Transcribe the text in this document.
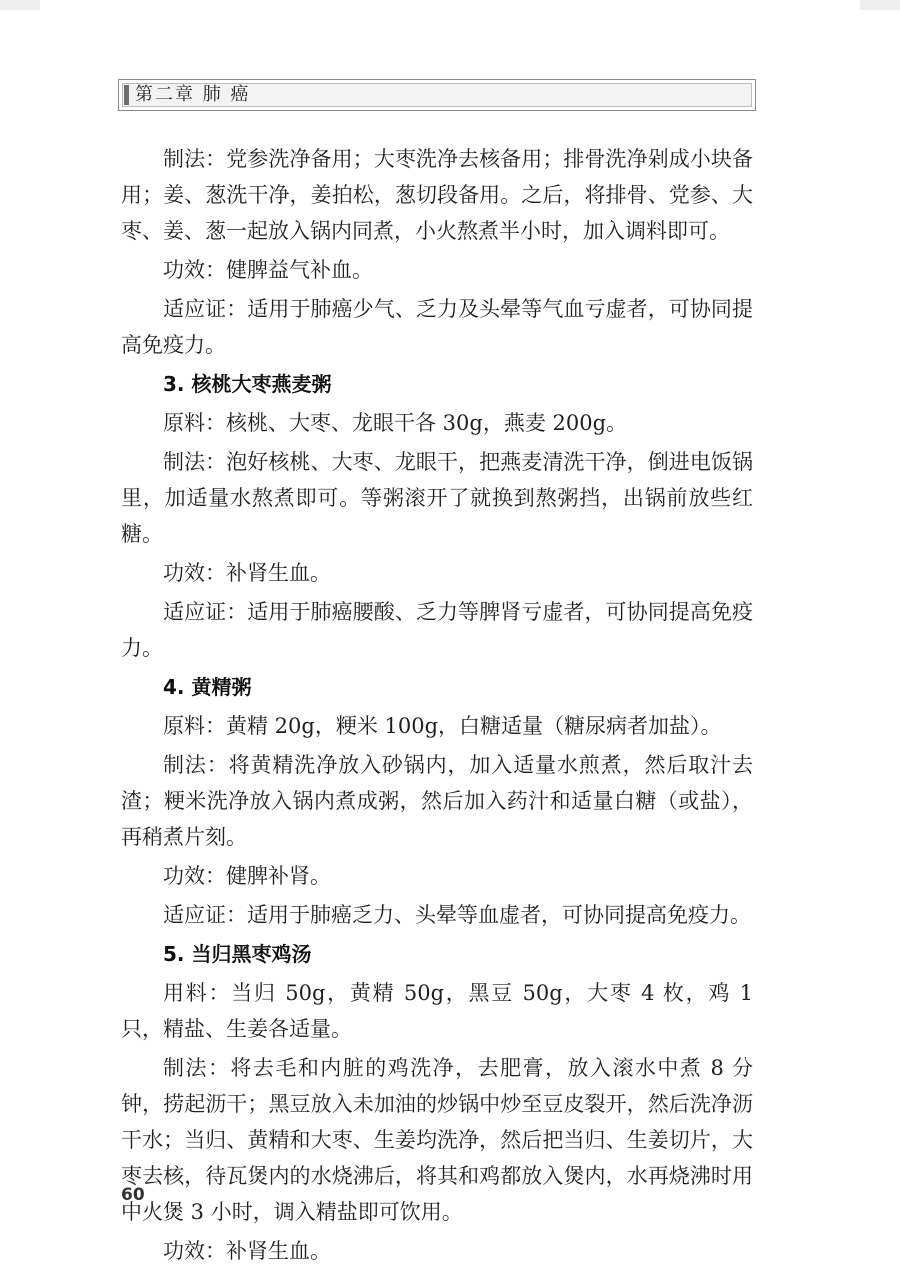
第二章 肺 癌

制法：党参洗净备用；大枣洗净去核备用；排骨洗净剁成小块备用；姜、葱洗干净，姜拍松，葱切段备用。之后，将排骨、党参、大枣、姜、葱一起放入锅内同煮，小火熬煮半小时，加入调料即可。

功效：健脾益气补血。

适应证：适用于肺癌少气、乏力及头晕等气血亏虚者，可协同提高免疫力。

3. 核桃大枣燕麦粥

原料：核桃、大枣、龙眼干各 30g，燕麦 200g。

制法：泡好核桃、大枣、龙眼干，把燕麦清洗干净，倒进电饭锅里，加适量水熬煮即可。等粥滚开了就换到熬粥挡，出锅前放些红糖。

功效：补肾生血。

适应证：适用于肺癌腰酸、乏力等脾肾亏虚者，可协同提高免疫力。

4. 黄精粥

原料：黄精 20g，粳米 100g，白糖适量（糖尿病者加盐）。

制法：将黄精洗净放入砂锅内，加入适量水煎煮，然后取汁去渣；粳米洗净放入锅内煮成粥，然后加入药汁和适量白糖（或盐），再稍煮片刻。

功效：健脾补肾。

适应证：适用于肺癌乏力、头晕等血虚者，可协同提高免疫力。

5. 当归黑枣鸡汤

用料：当归 50g，黄精 50g，黑豆 50g，大枣 4 枚，鸡 1 只，精盐、生姜各适量。

制法：将去毛和内脏的鸡洗净，去肥膏，放入滚水中煮 8 分钟，捞起沥干；黑豆放入未加油的炒锅中炒至豆皮裂开，然后洗净沥干水；当归、黄精和大枣、生姜均洗净，然后把当归、生姜切片，大枣去核，待瓦煲内的水烧沸后，将其和鸡都放入煲内，水再烧沸时用中火煲 3 小时，调入精盐即可饮用。

功效：补肾生血。

60
